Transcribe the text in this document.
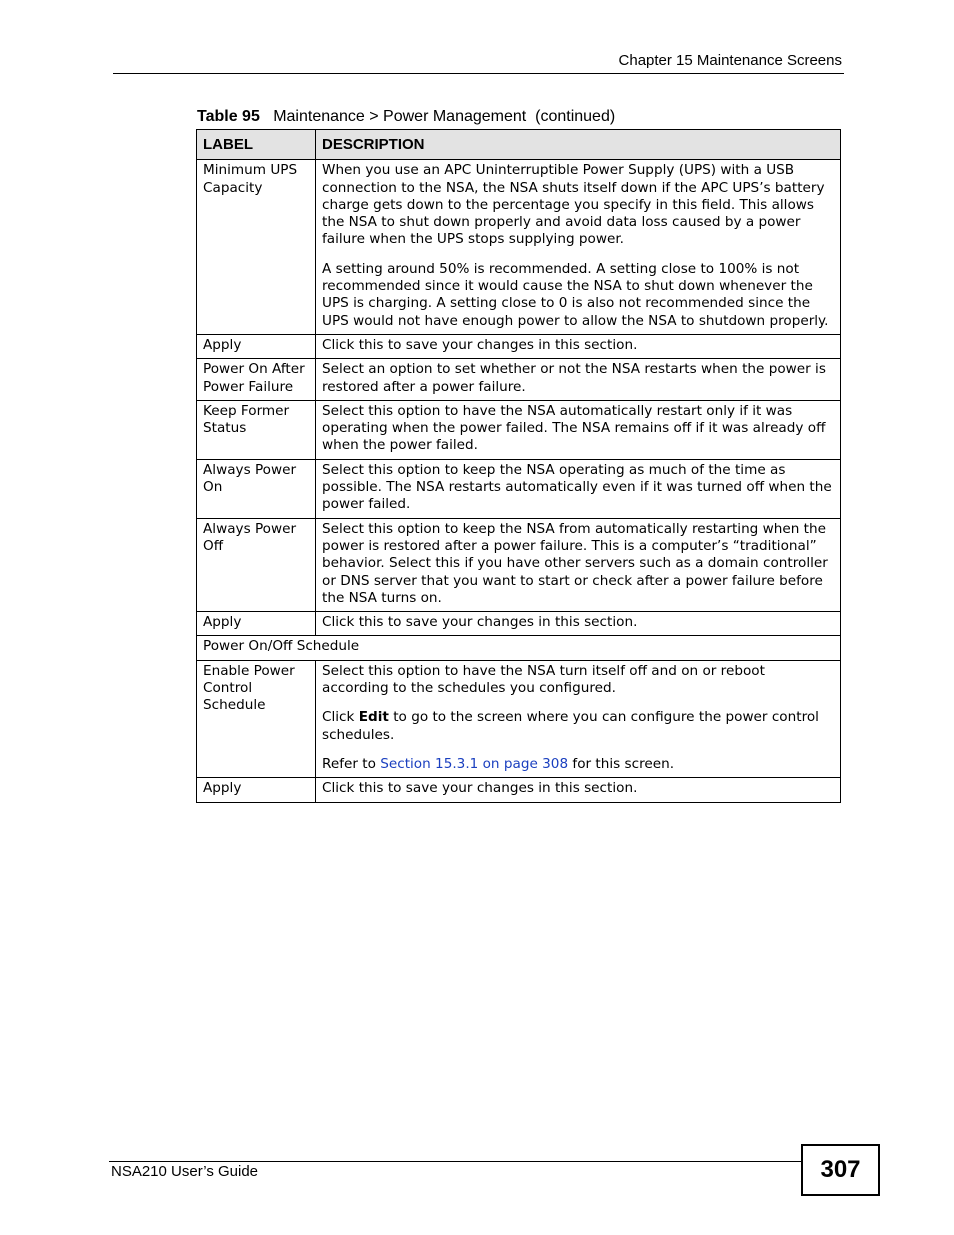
Chapter 15 Maintenance Screens
Table 95 Maintenance > Power Management  (continued)
LABEL	DESCRIPTION
Minimum UPS Capacity	When you use an APC Uninterruptible Power Supply (UPS) with a USB connection to the NSA, the NSA shuts itself down if the APC UPS’s battery charge gets down to the percentage you specify in this field. This allows the NSA to shut down properly and avoid data loss caused by a power failure when the UPS stops supplying power.

A setting around 50% is recommended. A setting close to 100% is not recommended since it would cause the NSA to shut down whenever the UPS is charging. A setting close to 0 is also not recommended since the UPS would not have enough power to allow the NSA to shutdown properly.

Apply	Click this to save your changes in this section.
Power On After Power Failure	Select an option to set whether or not the NSA restarts when the power is restored after a power failure.
Keep Former Status	Select this option to have the NSA automatically restart only if it was operating when the power failed. The NSA remains off if it was already off when the power failed.
Always Power On	Select this option to keep the NSA operating as much of the time as possible. The NSA restarts automatically even if it was turned off when the power failed.
Always Power Off	Select this option to keep the NSA from automatically restarting when the power is restored after a power failure. This is a computer’s “traditional” behavior. Select this if you have other servers such as a domain controller or DNS server that you want to start or check after a power failure before the NSA turns on.
Apply	Click this to save your changes in this section.
Power On/Off Schedule	
Enable Power Control Schedule	Select this option to have the NSA turn itself off and on or reboot according to the schedules you configured.

Click Edit to go to the screen where you can configure the power control schedules.

Refer to Section 15.3.1 on page 308 for this screen.

Apply	Click this to save your changes in this section.
NSA210 User’s Guide	307
